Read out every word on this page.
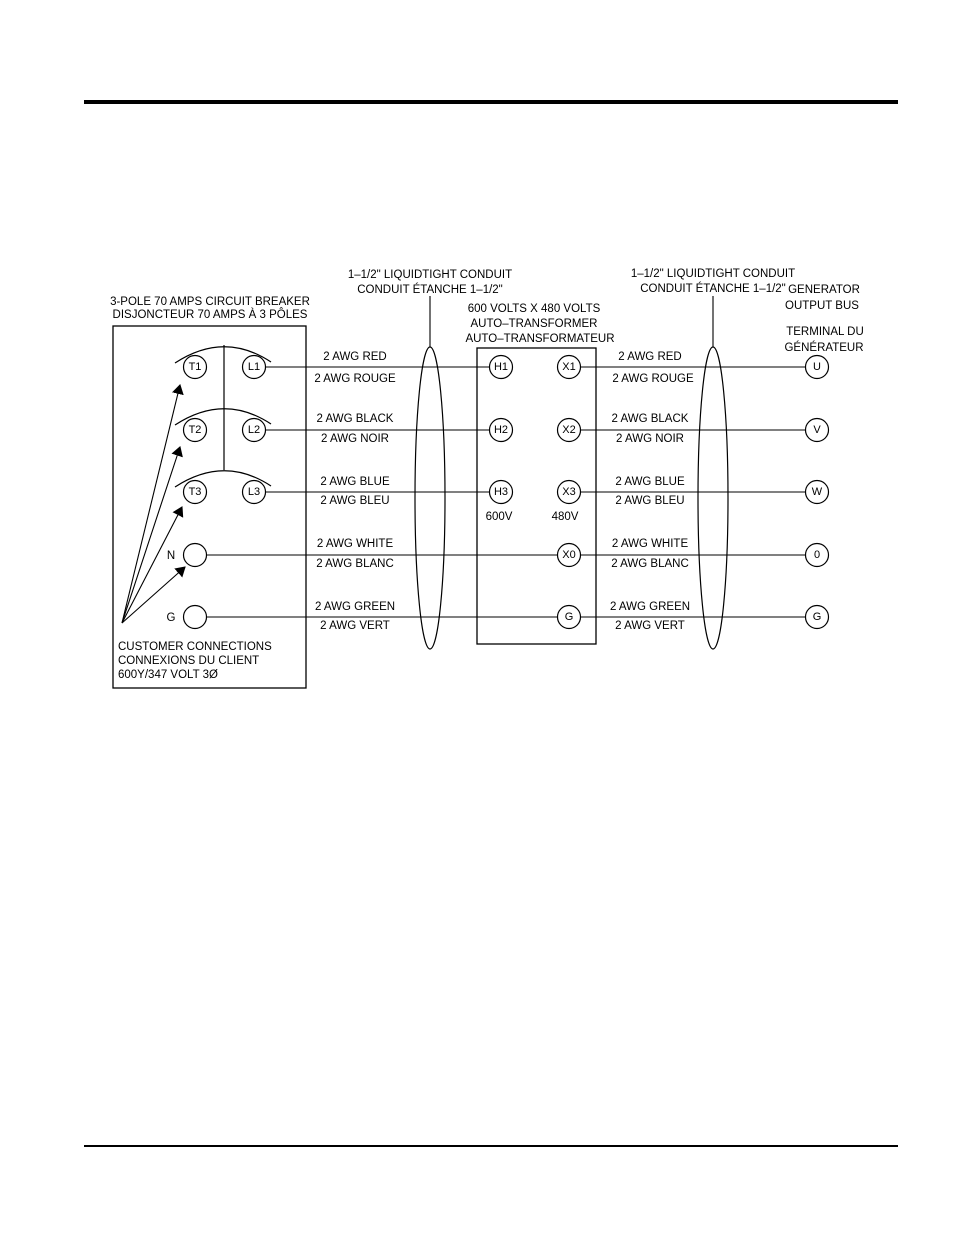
3-POLE 70 AMPS CIRCUIT BREAKER
DISJONCTEUR 70 AMPS À 3 PÔLES
T1	L1
T2	L2
T3	L3
N
G
CUSTOMER CONNECTIONS
CONNEXIONS DU CLIENT
600Y/347 VOLT 3Ø
2 AWG RED
2 AWG ROUGE
2 AWG BLACK
2 AWG NOIR
2 AWG BLUE
2 AWG BLEU
2 AWG WHITE
2 AWG BLANC
2 AWG GREEN
2 AWG VERT
1–1/2" LIQUIDTIGHT CONDUIT
CONDUIT ÉTANCHE 1–1/2"
600 VOLTS X 480 VOLTS
AUTO–TRANSFORMER
AUTO–TRANSFORMATEUR
H1
H2
H3
X1
X2
X3
X0
G
600V	480V
2 AWG RED
2 AWG ROUGE
2 AWG BLACK
2 AWG NOIR
2 AWG BLUE
2 AWG BLEU
2 AWG WHITE
2 AWG BLANC
2 AWG GREEN
2 AWG VERT
1–1/2" LIQUIDTIGHT CONDUIT
CONDUIT ÉTANCHE 1–1/2" GENERATOR
OUTPUT BUS
TERMINAL DU
GÉNÉRATEUR
U
V
W
0
G
